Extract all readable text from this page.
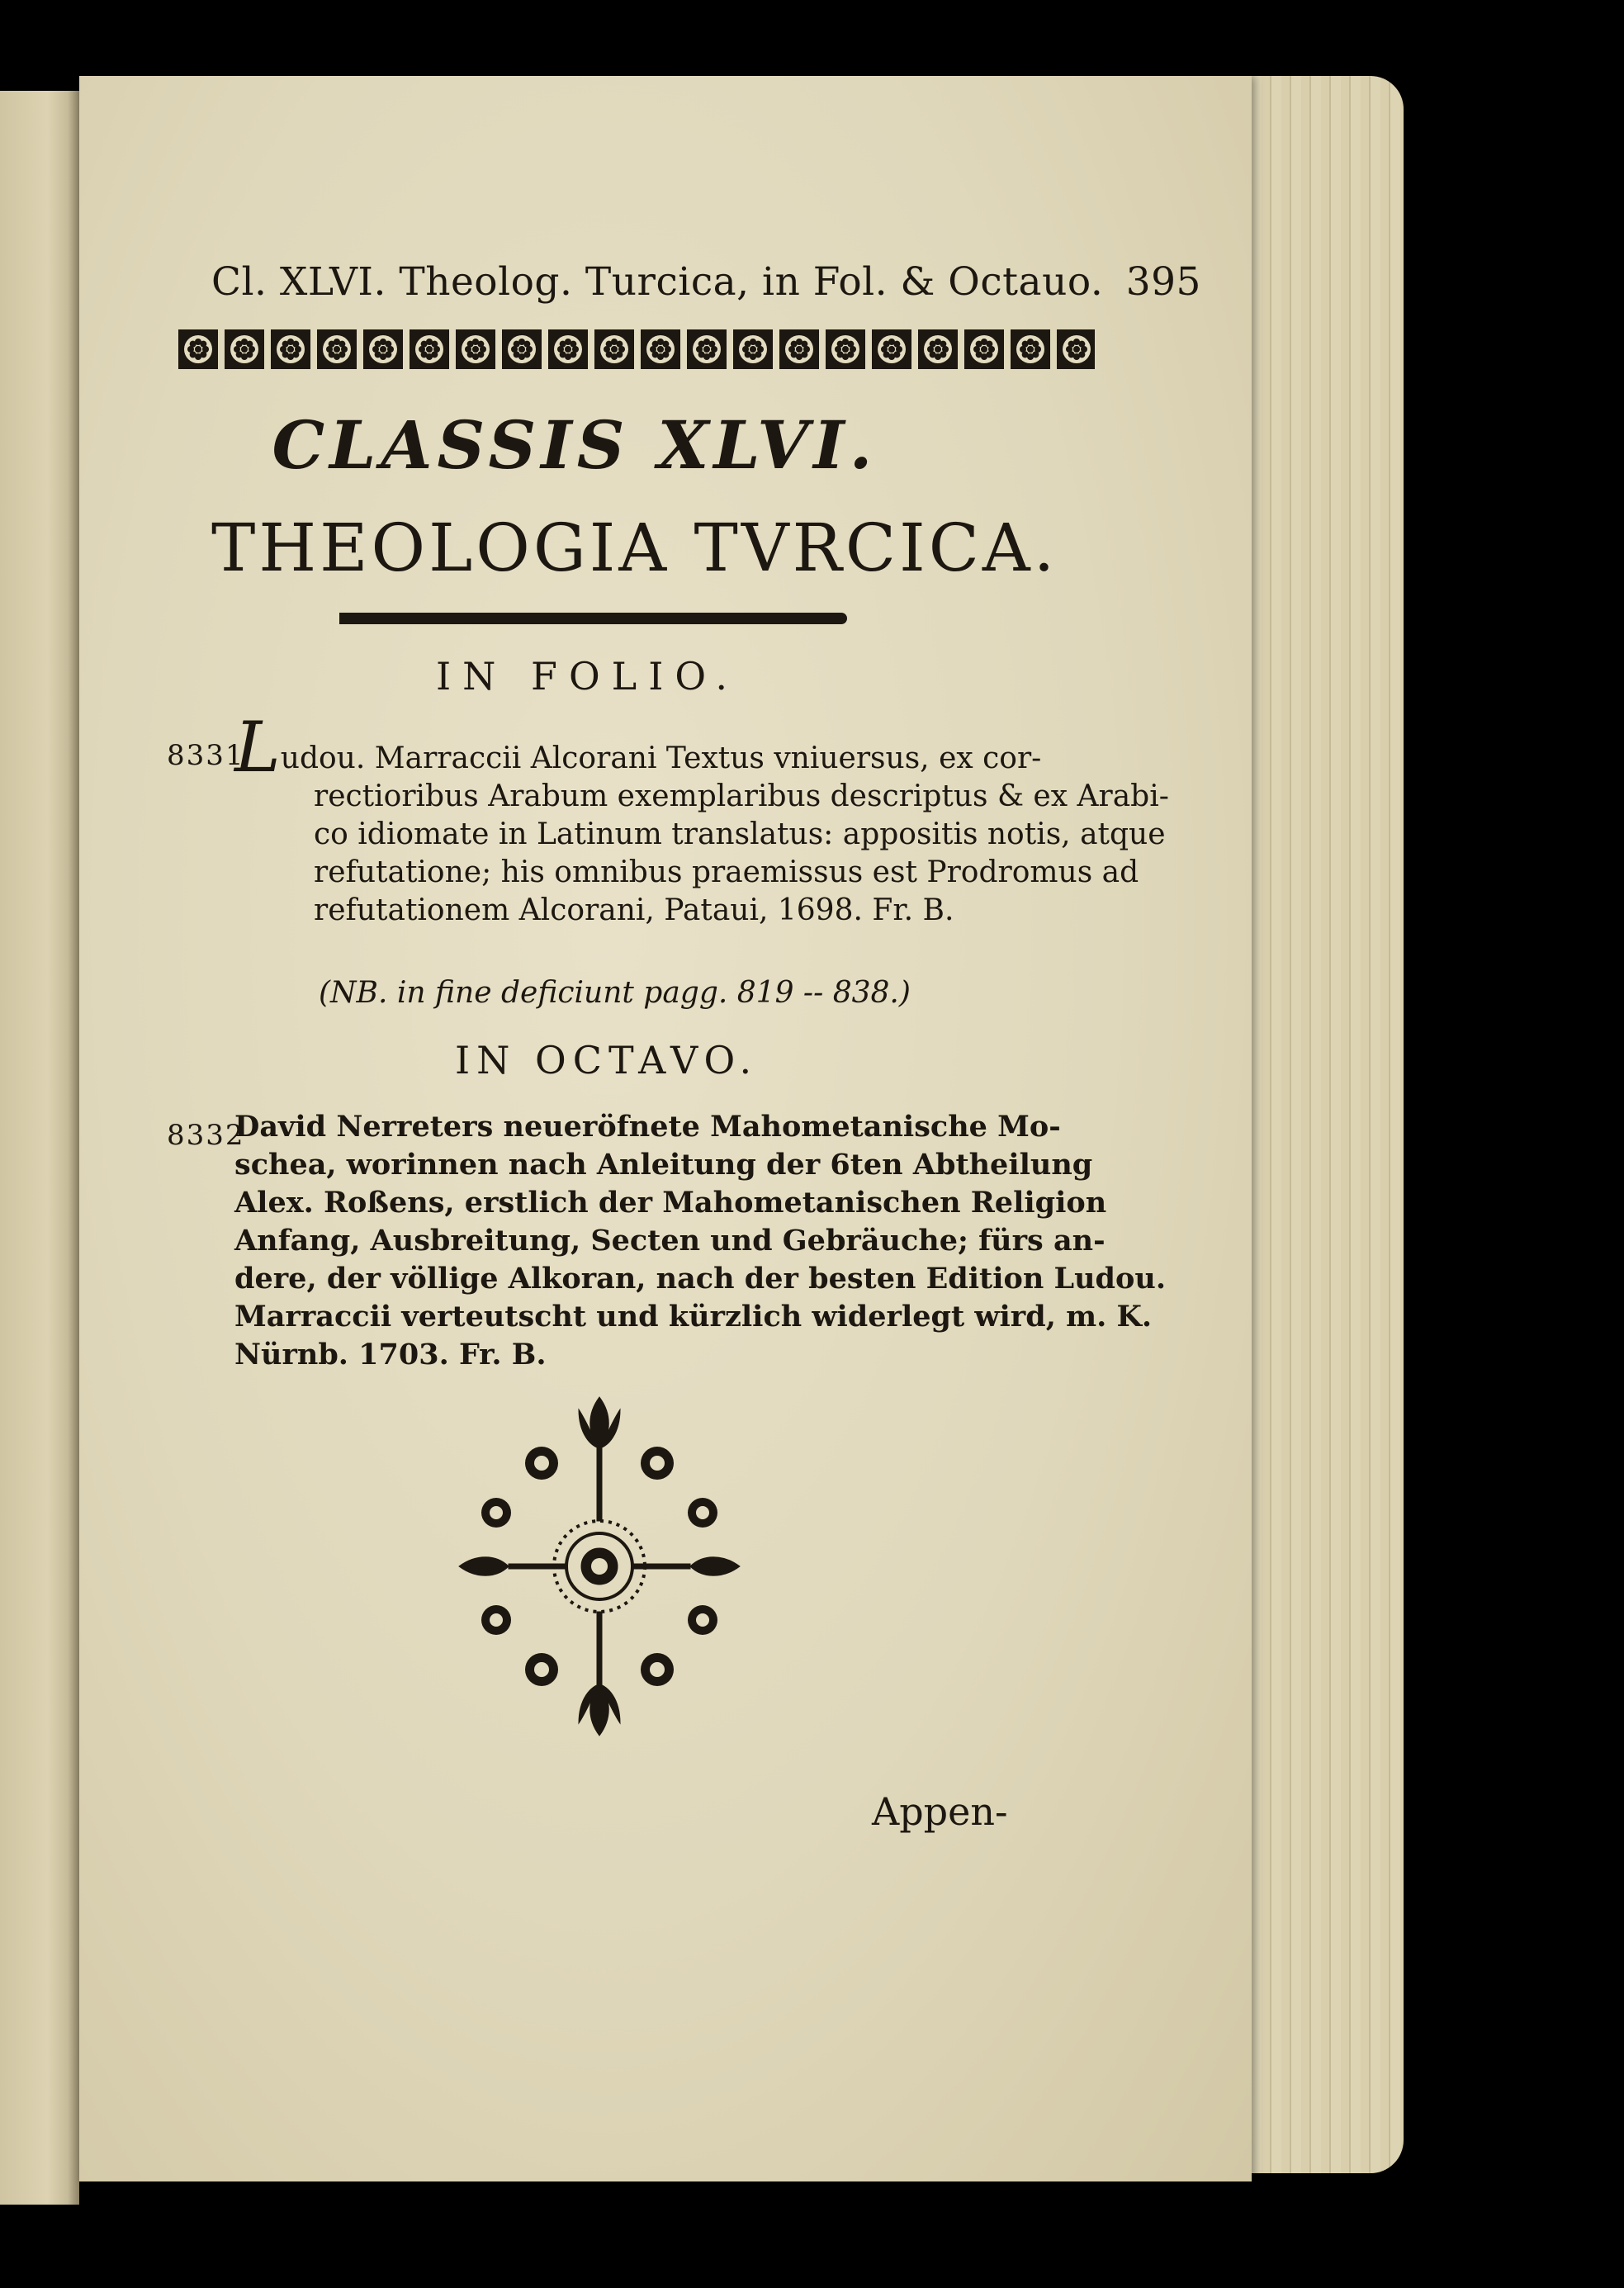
Cl. XLVI. Theolog. Turcica, in Fol. & Octauo. 395
CLASSIS XLVI.
THEOLOGIA TVRCICA.
IN FOLIO.
8331
Ludou. Marraccii Alcorani Textus vniuersus, ex cor-
rectioribus Arabum exemplaribus descriptus & ex Arabi-
co idiomate in Latinum translatus: appositis notis, atque
refutatione; his omnibus praemissus est Prodromus ad
refutationem Alcorani, Pataui, 1698. Fr. B.
(NB. in fine deficiunt pagg. 819 -- 838.)
IN OCTAVO.
8332
David Nerreters neueröfnete Mahometanische Mo-
schea, worinnen nach Anleitung der 6ten Abtheilung
Alex. Roßens, erstlich der Mahometanischen Religion
Anfang, Ausbreitung, Secten und Gebräuche; fürs an-
dere, der völlige Alkoran, nach der besten Edition Ludou.
Marraccii verteutscht und kürzlich widerlegt wird, m. K.
Nürnb. 1703. Fr. B.
Appen-
